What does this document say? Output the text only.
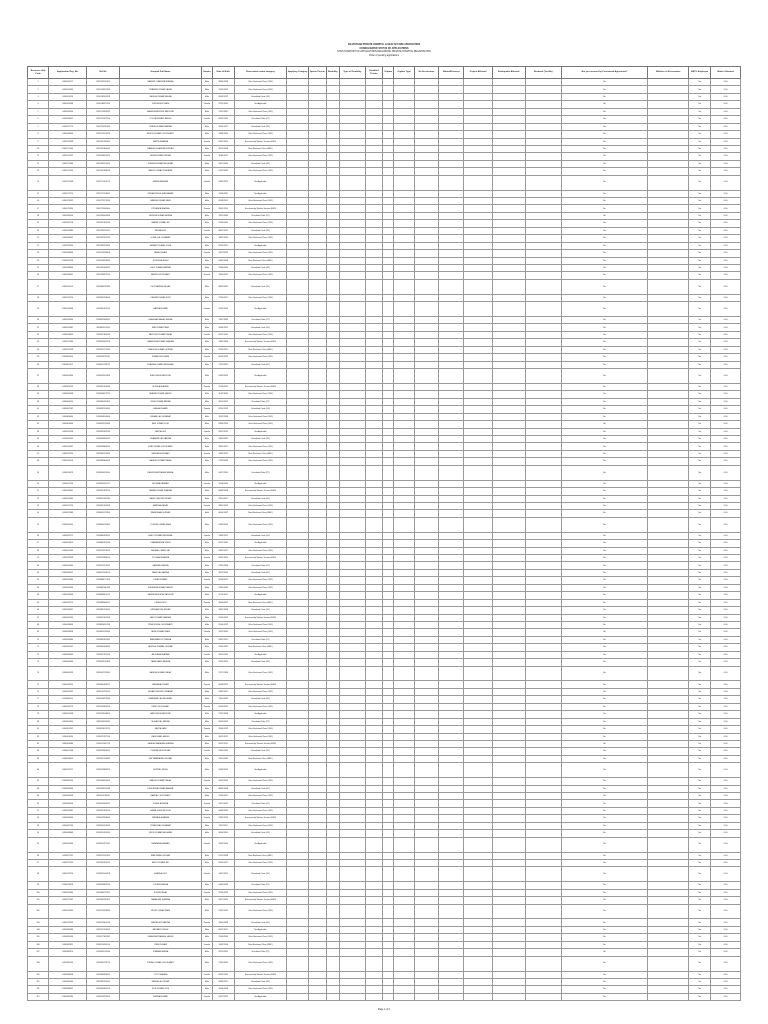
RAJASTHAN PRIVATE HOSPITAL & HEALTH CARE ASSOCIATION
CONSOLIDATED STATUS OF APPLICATIONS
STATUS REPORT OF APPLICATIONS REGARDING PRIVATE HOSPITAL REGISTRATION
Order of pending applications
Business Unit Code	Application Reg. No.	Ref No	Hospital Full Name	Gender	Date of Birth	Reservation cadre category	Applying Category	Sports Person	Disability	Type of Disability	Disabled Person	Orphan	Orphan Type	Ex-Serviceman	Widow/Divorcee	Project Affected	Earthquake Affected	Declared (Yes/No)	Are you covered by Provisional Agreement?	Whether in Reservation	MKCL Employee	Marks Obtained
1	LB56560172	3059742032154	NAVEEN CHANDRA SHARMA	Male	28/06/1988	Other Backward Class (OBC)													No		No	0.00
2	LB56561964	3059744295186	PRAVEEN KUMAR YADAV	Male	12/09/1990	Other Backward Class (OBC)													No		No	0.00
3	LB56563126	3059746558218	RAJESH KUMAR MEENA	Male	05/03/1992	Scheduled Caste (SC)													No		No	0.00
4	LB56564288	3059748821250	SUNITA DEVI SAINI	Female	22/11/1989	Not Applicable													No		No	0.00
5	LB56565450	3059751084282	MAHENDRA SINGH RATHORE	Male	17/07/1987	Other Backward Class (OBC)													No		No	0.00
6	LB56566612	3059753347314	POOJA KUMARI JANGID	Female	09/01/1993	Scheduled Tribe (ST)													No		No	0.00
7	LB56567774	3059755610346	DINESH KUMAR BAIRWA	Male	30/04/1991	Scheduled Caste (SC)													No		No	0.00
8	LB56568936	3059757873378	ASHOK KUMAR CHOUDHARY	Male	14/08/1986	Other Backward Class (OBC)													No		No	0.00
9	LB56570098	3059760136410	KAVITA SHARMA	Female	03/02/1994	Economically Weaker Section (EWS)													No		No	0.00
10	LB56571260	3059762399442	RAMESH CHANDRA GURJAR	Male	26/10/1988	Most Backward Class (MBC)													No		No	0.00
11	LB56572422	3059764662474	ANITA KUMARI VERMA	Female	11/06/1992	Other Backward Class (OBC)													No		No	0.00
12	LB56573584	3059766925506	SURESH KUMAR MEGHWAL	Male	19/12/1990	Scheduled Caste (SC)													No		No	0.00
13	LB56574746	3059769188538	MANOJ KUMAR PRAJAPAT	Male	07/05/1989	Other Backward Class (OBC)													No		No	0.00
14	LB56575908	3059771451570	SEEMA KANWAR	Female	24/09/1993	Not Applicable													No		No	0.00
15	LB56577070	3059773714602	VIKRAM SINGH SHEKHAWAT	Male	15/03/1987	Not Applicable													No		No	0.00
16	LB56578232	3059775977634	RAKESH KUMAR SAINI	Male	02/08/1991	Other Backward Class (OBC)													No		No	0.00
17	LB56579394	3059778240666	PRIYANKA SHARMA	Female	28/01/1995	Economically Weaker Section (EWS)													No		No	0.00
18	LB56580556	3059780503698	MUKESH KUMAR MEENA	Male	13/11/1988	Scheduled Tribe (ST)													No		No	0.00
19	LB56581718	3059782766730	SANJAY KUMAR JAT	Male	21/04/1990	Other Backward Class (OBC)													No		No	0.00
20	LB56582880	3059785029762	REKHA DEVI	Female	06/07/1992	Scheduled Caste (SC)													No		No	0.00
21	LB56584042	3059787292794	GOPAL LAL KUMAWAT	Male	18/02/1989	Other Backward Class (OBC)													No		No	0.00
22	LB56585204	3059789555826	HEMANT KUMAR JOSHI	Male	29/09/1991	Not Applicable													No		No	0.00
23	LB56586366	3059791818858	NEHA KUMARI	Female	10/12/1993	Other Backward Class (OBC)													No		No	0.00
24	LB56587528	3059794081890	JITENDRA SINGH	Male	04/05/1988	Most Backward Class (MBC)													No		No	0.00
25	LB56588690	3059796344922	LALIT KUMAR BAIRWA	Male	23/08/1990	Scheduled Caste (SC)													No		No	0.00
26	LB56589852	3059798607954	SARITA CHOUDHARY	Female	16/03/1992	Other Backward Class (OBC)													No		No	0.00
27	LB56591014	3059800870986	OM PRAKASH REGAR	Male	08/10/1987	Scheduled Caste (SC)													No		No	0.00
28	LB56592176	3059803134018	DEEPAK KUMAR SONI	Male	27/06/1991	Other Backward Class (OBC)													No		No	0.00
29	LB56593338	3059805397050	MAMTA KUMARI	Female	12/01/1994	Not Applicable													No		No	0.00
30	LB56594500	3059807660082	BHAGWAN SAHAY MEENA	Male	31/07/1989	Scheduled Tribe (ST)													No		No	0.00
31	LB56595662	3059809923114	RAVI KUMAR TANK	Male	20/04/1992	Scheduled Caste (SC)													No		No	0.00
32	LB56596824	3059812186146	SANTOSH KUMARI YADAV	Female	05/11/1990	Other Backward Class (OBC)													No		No	0.00
33	LB56597986	3059814449178	NARENDRA KUMAR SHARMA	Male	14/02/1988	Economically Weaker Section (EWS)													No		No	0.00
34	LB56599148	3059816712210	KAMLESH KUMAR GURJAR	Male	25/09/1991	Most Backward Class (MBC)													No		No	0.00
35	LB56600310	3059818975242	SUMAN DEVI SAINI	Female	09/06/1993	Other Backward Class (OBC)													No		No	0.00
36	LB56601472	3059821238274	PRAKASH CHAND MEGHWAL	Male	17/12/1987	Scheduled Caste (SC)													No		No	0.00
37	LB56602634	3059823501306	AJAY SINGH RATHORE	Male	01/03/1990	Not Applicable													No		No	0.00
38	LB56603796	3059825764338	MONIKA SHARMA	Female	22/08/1994	Economically Weaker Section (EWS)													No		No	0.00
39	LB56604958	3059828027370	BHARAT KUMAR JANGID	Male	11/05/1989	Other Backward Class (OBC)													No		No	0.00
40	LB56606120	3059830290402	SUNIL KUMAR MEENA	Male	30/10/1991	Scheduled Tribe (ST)													No		No	0.00
41	LB56607282	3059832553434	RADHA KUMARI	Female	07/01/1992	Scheduled Caste (SC)													No		No	0.00
42	LB56608444	3059834816466	KISHAN LAL KUMAWAT	Male	19/07/1988	Other Backward Class (OBC)													No		No	0.00
43	LB56609606	3059837079498	ANIL KUMAR SONI	Male	03/04/1990	Other Backward Class (OBC)													No		No	0.00
44	LB56610768	3059839342530	GEETA DEVI	Female	26/11/1993	Not Applicable													No		No	0.00
45	LB56611930	3059841605562	SHANKAR LAL BAIRWA	Male	14/06/1987	Scheduled Caste (SC)													No		No	0.00
46	LB56613092	3059843868594	VIJAY KUMAR CHOUDHARY	Male	28/02/1991	Other Backward Class (OBC)													No		No	0.00
47	LB56614254	3059846131626	SANGEETA KUMARI	Female	10/09/1992	Most Backward Class (MBC)													No		No	0.00
48	LB56615416	3059848394658	MAHESH KUMAR YADAV	Male	21/05/1989	Other Backward Class (OBC)													No		No	0.00
49	LB56616578	3059850657690	RAJENDRA PRASAD MEENA	Male	04/12/1990	Scheduled Tribe (ST)													No		No	0.00
50	LB56617740	3059852920722	SHOBHA KANWAR	Female	15/08/1994	Not Applicable													No		No	0.00
51	LB56618902	3059855183754	PAWAN KUMAR SHARMA	Male	08/03/1988	Economically Weaker Section (EWS)													No		No	0.00
52	LB56620064	3059857446786	NAND KISHORE REGAR	Male	29/10/1991	Scheduled Caste (SC)													No		No	0.00
53	LB56621226	3059859709818	MANISHA YADAV	Female	18/01/1993	Other Backward Class (OBC)													No		No	0.00
54	LB56622388	3059861972850	RAMKISHAN GURJAR	Male	06/06/1987	Most Backward Class (MBC)													No		No	0.00
55	LB56623550	3059864235882	YOGESH KUMAR SAINI	Male	24/09/1990	Other Backward Class (OBC)													No		No	0.00
56	LB56624712	3059866498914	SAROJ KUMARI MEGHWAL	Female	13/04/1992	Scheduled Caste (SC)													No		No	0.00
57	LB56625874	3059868761946	DHARMENDRA SINGH	Male	02/11/1989	Not Applicable													No		No	0.00
58	LB56627036	3059871024978	KAILASH CHAND JAT	Male	20/07/1991	Other Backward Class (OBC)													No		No	0.00
59	LB56628198	3059873288010	POONAM SHARMA	Female	09/02/1994	Economically Weaker Section (EWS)													No		No	0.00
60	LB56629360	3059875551042	HANSRAJ MEENA	Male	27/05/1988	Scheduled Tribe (ST)													No		No	0.00
61	LB56630522	3059877814074	BABU LAL BAIRWA	Male	16/12/1990	Scheduled Caste (SC)													No		No	0.00
62	LB56631684	3059880077106	KIRAN KUMARI	Female	05/08/1992	Other Backward Class (OBC)													No		No	0.00
63	LB56632846	3059882340138	SURENDRA KUMAR JANGID	Male	23/03/1989	Other Backward Class (OBC)													No		No	0.00
64	LB56634008	3059884603170	GAJENDRA SINGH RATHORE	Male	11/10/1991	Not Applicable													No		No	0.00
65	LB56635170	3059886866202	URMILA DEVI	Female	30/06/1993	Most Backward Class (MBC)													No		No	0.00
66	LB56636332	3059889129234	GIRDHARI LAL REGAR	Male	18/01/1988	Scheduled Caste (SC)													No		No	0.00
67	LB56637494	3059891392266	AMIT KUMAR SHARMA	Male	07/09/1990	Economically Weaker Section (EWS)													No		No	0.00
68	LB56638656	3059893655298	PREM SINGH CHOUDHARY	Male	25/04/1992	Other Backward Class (OBC)													No		No	0.00
69	LB56639818	3059895918330	LAXMI KUMARI SAINI	Female	14/11/1989	Other Backward Class (OBC)													No		No	0.00
70	LB56640980	3059898181362	RAMSWAROOP MEENA	Male	03/07/1991	Scheduled Tribe (ST)													No		No	0.00
71	LB56642142	3059900444394	JAGDISH PRASAD GURJAR	Male	22/02/1987	Most Backward Class (MBC)													No		No	0.00
72	LB56643304	3059902707426	ARCHANA SHARMA	Female	10/10/1993	Not Applicable													No		No	0.00
73	LB56644466	3059904970458	TARACHAND BAIRWA	Male	29/05/1990	Scheduled Caste (SC)													No		No	0.00
74	LB56645628	3059907233490	NARESH KUMAR YADAV	Male	17/12/1988	Other Backward Class (OBC)													No		No	0.00
75	LB56646790	3059909496522	VANDANA KUMARI	Female	06/08/1992	Economically Weaker Section (EWS)													No		No	0.00
76	LB56647952	3059911759554	SHYAM SUNDER KUMAWAT	Male	24/03/1991	Other Backward Class (OBC)													No		No	0.00
77	LB56649114	3059914022586	BHANWAR LAL MEGHWAL	Male	13/10/1989	Scheduled Caste (SC)													No		No	0.00
78	LB56650276	3059916285618	RENU CHOUDHARY	Female	02/06/1994	Other Backward Class (OBC)													No		No	0.00
79	LB56651438	3059918548650	HARI SINGH RATHORE	Male	21/01/1988	Not Applicable													No		No	0.00
80	LB56652600	3059920811682	MOHAN LAL MEENA	Male	09/09/1990	Scheduled Tribe (ST)													No		No	0.00
81	LB56653762	3059923074714	SAVITA SAINI	Female	28/04/1992	Other Backward Class (OBC)													No		No	0.00
82	LB56654924	3059925337746	RAJKUMAR JANGID	Male	16/11/1987	Other Backward Class (OBC)													No		No	0.00
83	LB56656086	3059927600778	GANESH NARAYAN SHARMA	Male	05/07/1991	Economically Weaker Section (EWS)													No		No	0.00
84	LB56657248	3059929863810	PUSHPA DEVI REGAR	Female	23/02/1993	Scheduled Caste (SC)													No		No	0.00
85	LB56658410	3059932126842	SATYANARAYAN GURJAR	Male	12/10/1989	Most Backward Class (MBC)													No		No	0.00
86	LB56659572	3059934389874	SHIVRAJ SINGH	Male	01/06/1990	Not Applicable													No		No	0.00
87	LB56660734	3059936652906	MADHU KUMARI YADAV	Female	20/01/1994	Other Backward Class (OBC)													No		No	0.00
88	LB56661896	3059938915938	DEVENDRA KUMAR BAIRWA	Male	08/09/1988	Scheduled Caste (SC)													No		No	0.00
89	LB56663058	3059941178970	RAMPAL CHOUDHARY	Male	27/04/1991	Other Backward Class (OBC)													No		No	0.00
90	LB56664220	3059943442002	SUSHILA MEENA	Female	15/12/1992	Scheduled Tribe (ST)													No		No	0.00
91	LB56665382	3059945705034	KAMAL KISHORE SONI	Male	04/08/1989	Other Backward Class (OBC)													No		No	0.00
92	LB56666544	3059947968066	NIRMALA SHARMA	Female	23/03/1993	Economically Weaker Section (EWS)													No		No	0.00
93	LB56667706	3059950231098	PURAN MAL KUMAWAT	Male	11/11/1987	Other Backward Class (OBC)													No		No	0.00
94	LB56668868	3059952494130	VINOD KUMAR MEGHWAL	Male	30/06/1990	Scheduled Caste (SC)													No		No	0.00
95	LB56670030	3059954757162	BHAWANA KANWAR	Female	19/02/1994	Not Applicable													No		No	0.00
96	LB56671192	3059957020194	RAM NIWAS GURJAR	Male	07/10/1988	Most Backward Class (MBC)													No		No	0.00
97	LB56672354	3059959283226	ANKIT KUMAR JAT	Male	26/05/1991	Other Backward Class (OBC)													No		No	0.00
98	LB56673516	3059961546258	SHARDA DEVI	Female	14/01/1992	Scheduled Caste (SC)													No		No	0.00
99	LB56674678	3059963809290	LOKESH MEENA	Male	03/09/1989	Scheduled Tribe (ST)													No		No	0.00
100	LB56675840	3059966072322	SUNITA YADAV	Female	22/04/1993	Other Backward Class (OBC)													No		No	0.00
101	LB56677002	3059968335354	RAMAVTAR SHARMA	Male	10/12/1990	Economically Weaker Section (EWS)													No		No	0.00
102	LB56678164	3059970598386	MOHIT KUMAR SAINI	Male	29/07/1992	Other Backward Class (OBC)													No		No	0.00
103	LB56679326	3059972861418	KANTA DEVI BAIRWA	Female	18/03/1988	Scheduled Caste (SC)													No		No	0.00
104	LB56680488	3059975124450	BALWANT SINGH	Male	06/11/1991	Not Applicable													No		No	0.00
105	LB56681650	3059977387482	CHANDRA PRAKASH JANGID	Male	25/06/1989	Other Backward Class (OBC)													No		No	0.00
106	LB56682812	3059979650514	PINKI KUMARI	Female	13/02/1994	Most Backward Class (MBC)													No		No	0.00
107	LB56683974	3059981913546	SITARAM MEENA	Male	02/10/1987	Scheduled Tribe (ST)													No		No	0.00
108	LB56685136	3059984176578	VISHNU KUMAR CHOUDHARY	Male	21/05/1990	Other Backward Class (OBC)													No		No	0.00
109	LB56686298	3059986439610	JYOTI SHARMA	Female	09/01/1993	Economically Weaker Section (EWS)													No		No	0.00
110	LB56687460	3059988702642	HEERA LAL REGAR	Male	28/08/1991	Scheduled Caste (SC)													No		No	0.00
111	LB56688622	3059990965674	DILIP KUMAR SONI	Male	16/04/1988	Other Backward Class (OBC)													No		No	0.00
112	LB56689784	3059993228706	MEENA KUMARI	Female	05/12/1992	Not Applicable													No		No	0.00
Page 1 of 1
